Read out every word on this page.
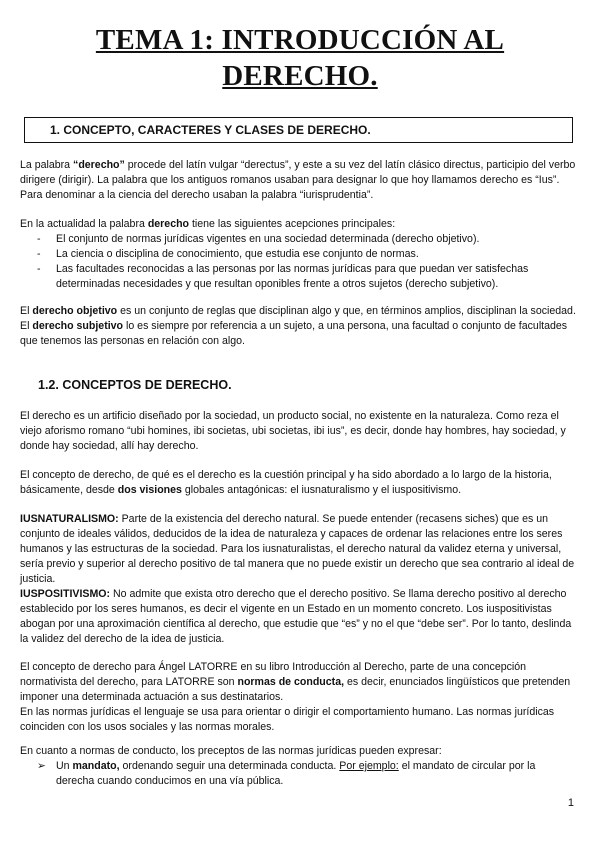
TEMA 1: INTRODUCCIÓN AL DERECHO.
1. CONCEPTO, CARACTERES Y CLASES DE DERECHO.

La palabra “derecho” procede del latín vulgar “derectus”, y este a su vez del latín clásico directus, participio del verbo dirigere (dirigir). La palabra que los antiguos romanos usaban para designar lo que hoy llamamos derecho es “Ius”. Para denominar a la ciencia del derecho usaban la palabra “iurisprudentia”.

En la actualidad la palabra derecho tiene las siguientes acepciones principales:

- El conjunto de normas jurídicas vigentes en una sociedad determinada (derecho objetivo).
- La ciencia o disciplina de conocimiento, que estudia ese conjunto de normas.
- Las facultades reconocidas a las personas por las normas jurídicas para que puedan ver satisfechas determinadas necesidades y que resultan oponibles frente a otros sujetos (derecho subjetivo).

El derecho objetivo es un conjunto de reglas que disciplinan algo y que, en términos amplios, disciplinan la sociedad.
El derecho subjetivo lo es siempre por referencia a un sujeto, a una persona, una facultad o conjunto de facultades que tenemos las personas en relación con algo.

1.2. CONCEPTOS DE DERECHO.

El derecho es un artificio diseñado por la sociedad, un producto social, no existente en la naturaleza. Como reza el viejo aforismo romano “ubi homines, ibi societas, ubi societas, ibi ius”, es decir, donde hay hombres, hay sociedad, y donde hay sociedad, allí hay derecho.

El concepto de derecho, de qué es el derecho es la cuestión principal y ha sido abordado a lo largo de la historia, básicamente, desde dos visiones globales antagónicas: el iusnaturalismo y el iuspositivismo.

IUSNATURALISMO: Parte de la existencia del derecho natural. Se puede entender (recasens siches) que es un conjunto de ideales válidos, deducidos de la idea de naturaleza y capaces de ordenar las relaciones entre los seres humanos y las estructuras de la sociedad. Para los iusnaturalistas, el derecho natural da validez eterna y universal, sería previo y superior al derecho positivo de tal manera que no puede existir un derecho que sea contrario al ideal de justicia.
IUSPOSITIVISMO: No admite que exista otro derecho que el derecho positivo. Se llama derecho positivo al derecho establecido por los seres humanos, es decir el vigente en un Estado en un momento concreto. Los iuspositivistas abogan por una aproximación científica al derecho, que estudie que “es” y no el que “debe ser”. Por lo tanto, deslinda la validez del derecho de la idea de justicia.

El concepto de derecho para Ángel LATORRE en su libro Introducción al Derecho, parte de una concepción normativista del derecho, para LATORRE son normas de conducta, es decir, enunciados lingüísticos que pretenden imponer una determinada actuación a sus destinatarios.
En las normas jurídicas el lenguaje se usa para orientar o dirigir el comportamiento humano. Las normas jurídicas coinciden con los usos sociales y las normas morales.

En cuanto a normas de conducto, los preceptos de las normas jurídicas pueden expresar:

➢ Un mandato, ordenando seguir una determinada conducta. Por ejemplo: el mandato de circular por la derecha cuando conducimos en una vía pública.
1
